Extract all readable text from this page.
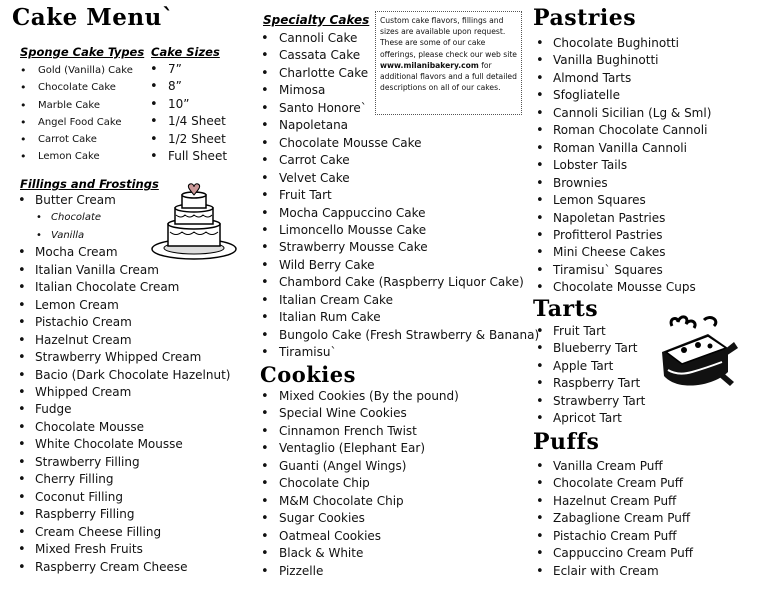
Cake Menu`
Sponge Cake Types
• Gold (Vanilla) Cake
• Chocolate Cake
• Marble Cake
• Angel Food Cake
• Carrot Cake
• Lemon Cake
Cake Sizes
• 7”
• 8”
• 10”
• 1/4 Sheet
• 1/2 Sheet
• Full Sheet
Fillings and Frostings
• Butter Cream
• Chocolate
• Vanilla
• Mocha Cream
• Italian Vanilla Cream
• Italian Chocolate Cream
• Lemon Cream
• Pistachio Cream
• Hazelnut Cream
• Strawberry Whipped Cream
• Bacio (Dark Chocolate Hazelnut)
• Whipped Cream
• Fudge
• Chocolate Mousse
• White Chocolate Mousse
• Strawberry Filling
• Cherry Filling
• Coconut Filling
• Raspberry Filling
• Cream Cheese Filling
• Mixed Fresh Fruits
• Raspberry Cream Cheese
Specialty Cakes
• Cannoli Cake
• Cassata Cake
• Charlotte Cake
• Mimosa
• Santo Honore`
• Napoletana
• Chocolate Mousse Cake
• Carrot Cake
• Velvet Cake
• Fruit Tart
• Mocha Cappuccino Cake
• Limoncello Mousse Cake
• Strawberry Mousse Cake
• Wild Berry Cake
• Chambord Cake (Raspberry Liquor Cake)
• Italian Cream Cake
• Italian Rum Cake
• Bungolo Cake (Fresh Strawberry & Banana)
• Tiramisu`
Custom cake flavors, fillings and sizes are available upon request. These are some of our cake offerings, please check our web site www.milanibakery.com for additional flavors and a full detailed descriptions on all of our cakes.
Cookies
• Mixed Cookies (By the pound)
• Special Wine Cookies
• Cinnamon French Twist
• Ventaglio (Elephant Ear)
• Guanti (Angel Wings)
• Chocolate Chip
• M&M Chocolate Chip
• Sugar Cookies
• Oatmeal Cookies
• Black & White
• Pizzelle
Pastries
• Chocolate Bughinotti
• Vanilla Bughinotti
• Almond Tarts
• Sfogliatelle
• Cannoli Sicilian (Lg & Sml)
• Roman Chocolate Cannoli
• Roman Vanilla Cannoli
• Lobster Tails
• Brownies
• Lemon Squares
• Napoletan Pastries
• Profitterol Pastries
• Mini Cheese Cakes
• Tiramisu` Squares
• Chocolate Mousse Cups
Tarts
• Fruit Tart
• Blueberry Tart
• Apple Tart
• Raspberry Tart
• Strawberry Tart
• Apricot Tart
Puffs
• Vanilla Cream Puff
• Chocolate Cream Puff
• Hazelnut Cream Puff
• Zabaglione Cream Puff
• Pistachio Cream Puff
• Cappuccino Cream Puff
• Eclair with Cream
